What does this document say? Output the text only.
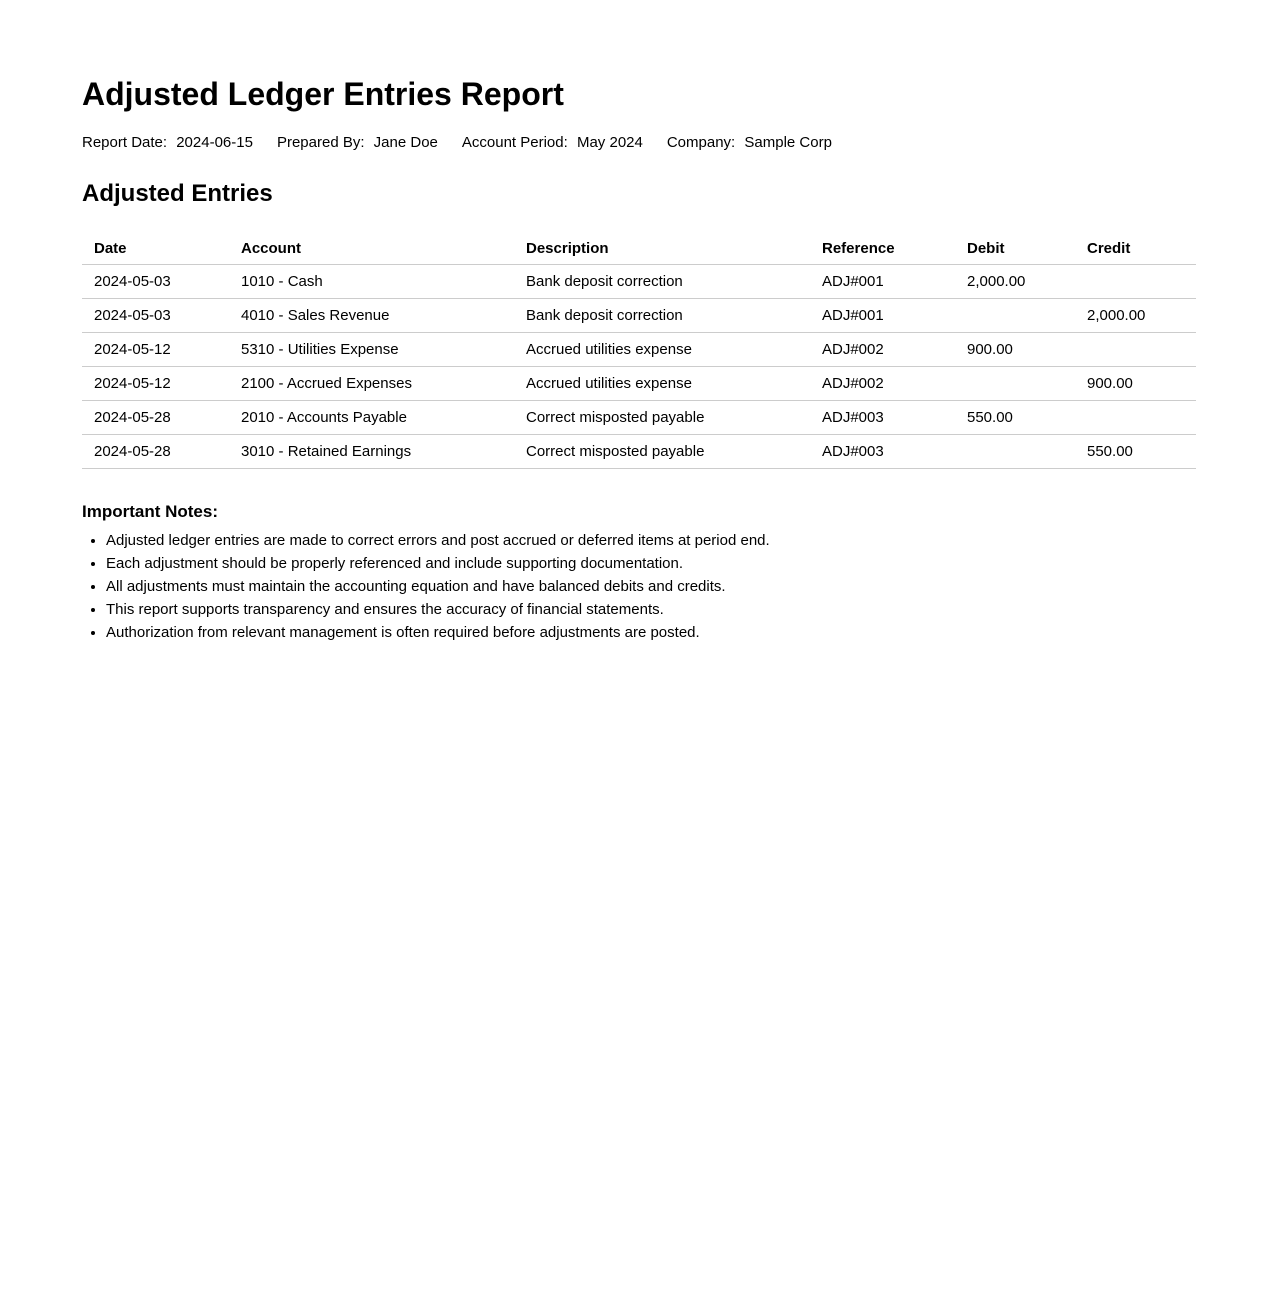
Adjusted Ledger Entries Report
Report Date: 2024-06-15 Prepared By: Jane Doe Account Period: May 2024 Company: Sample Corp
Adjusted Entries
Date	Account	Description	Reference	Debit	Credit
2024-05-03	1010 - Cash	Bank deposit correction	ADJ#001	2,000.00	
2024-05-03	4010 - Sales Revenue	Bank deposit correction	ADJ#001		2,000.00
2024-05-12	5310 - Utilities Expense	Accrued utilities expense	ADJ#002	900.00	
2024-05-12	2100 - Accrued Expenses	Accrued utilities expense	ADJ#002		900.00
2024-05-28	2010 - Accounts Payable	Correct misposted payable	ADJ#003	550.00	
2024-05-28	3010 - Retained Earnings	Correct misposted payable	ADJ#003		550.00
Important Notes:
• Adjusted ledger entries are made to correct errors and post accrued or deferred items at period end.
• Each adjustment should be properly referenced and include supporting documentation.
• All adjustments must maintain the accounting equation and have balanced debits and credits.
• This report supports transparency and ensures the accuracy of financial statements.
• Authorization from relevant management is often required before adjustments are posted.
